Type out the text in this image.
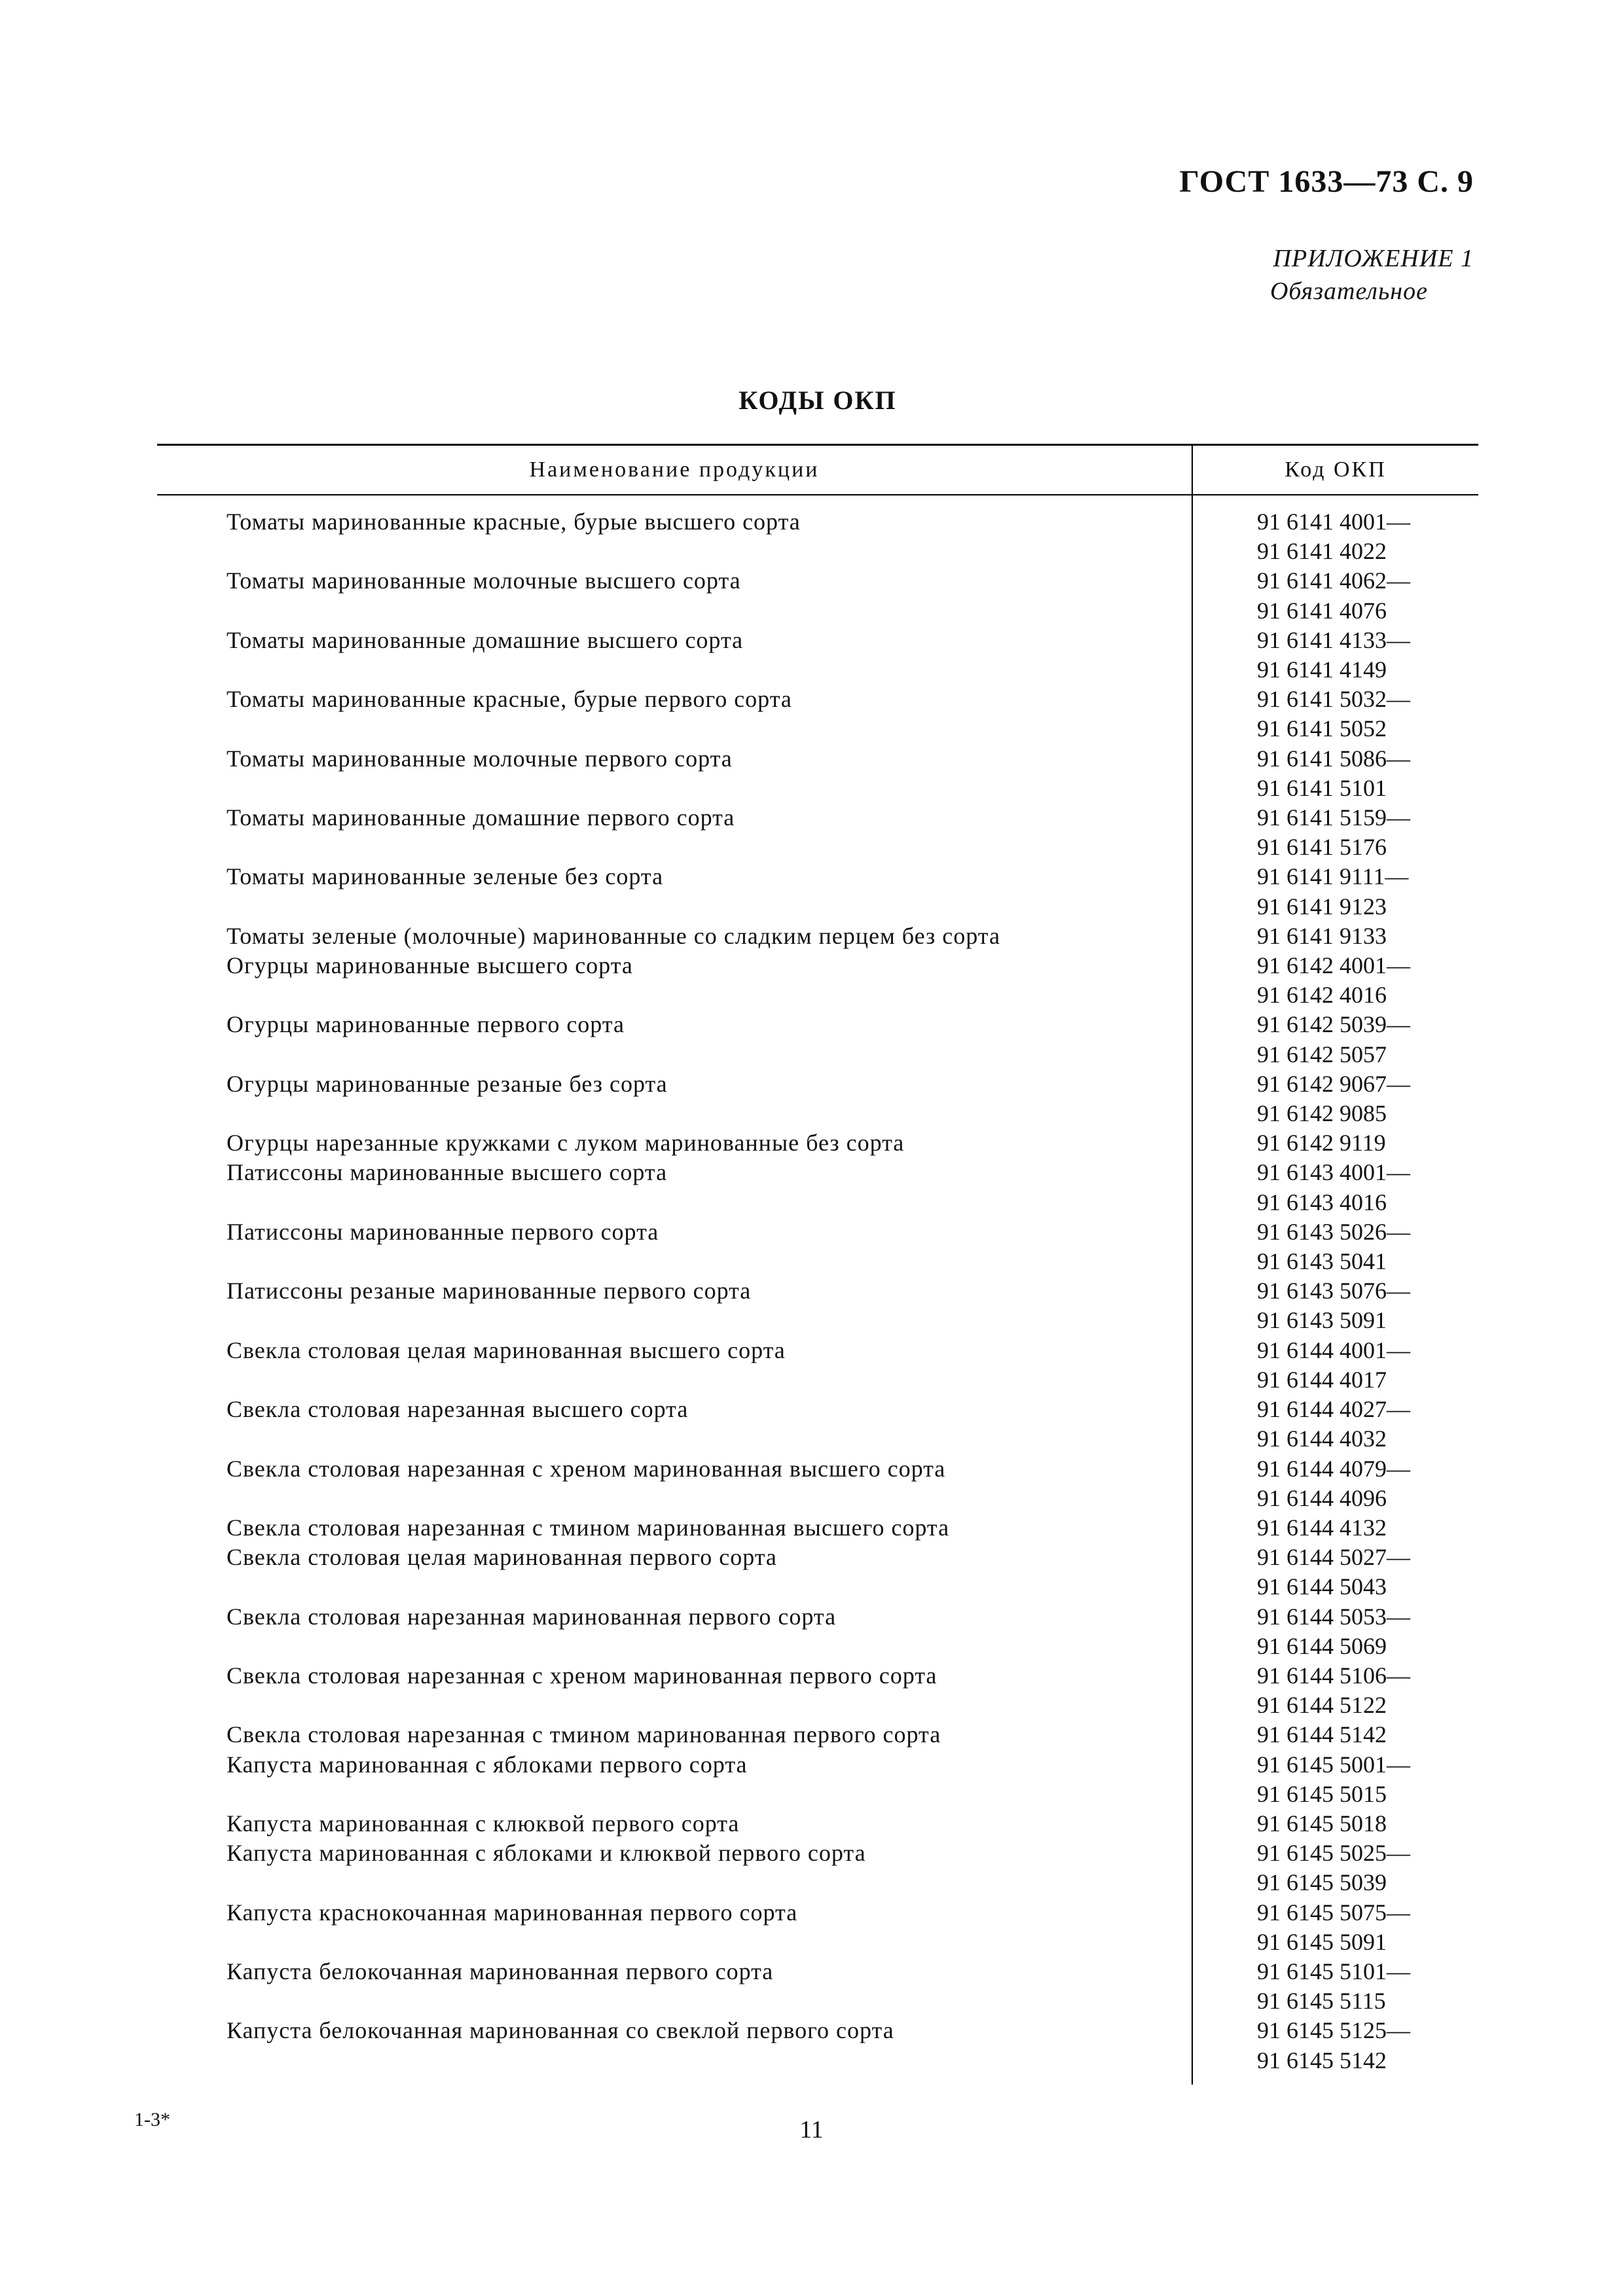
ГОСТ 1633—73 С. 9
ПРИЛОЖЕНИЕ 1
Обязательное
КОДЫ ОКП
Наименование продукции	Код ОКП
Томаты маринованные красные, бурые высшего сорта	91 6141 4001—
91 6141 4022
Томаты маринованные молочные высшего сорта	91 6141 4062—
91 6141 4076
Томаты маринованные домашние высшего сорта	91 6141 4133—
91 6141 4149
Томаты маринованные красные, бурые первого сорта	91 6141 5032—
91 6141 5052
Томаты маринованные молочные первого сорта	91 6141 5086—
91 6141 5101
Томаты маринованные домашние первого сорта	91 6141 5159—
91 6141 5176
Томаты маринованные зеленые без сорта	91 6141 9111—
91 6141 9123
Томаты зеленые (молочные) маринованные со сладким перцем без сорта	91 6141 9133
Огурцы маринованные высшего сорта	91 6142 4001—
91 6142 4016
Огурцы маринованные первого сорта	91 6142 5039—
91 6142 5057
Огурцы маринованные резаные без сорта	91 6142 9067—
91 6142 9085
Огурцы нарезанные кружками с луком маринованные без сорта	91 6142 9119
Патиссоны маринованные высшего сорта	91 6143 4001—
91 6143 4016
Патиссоны маринованные первого сорта	91 6143 5026—
91 6143 5041
Патиссоны резаные маринованные первого сорта	91 6143 5076—
91 6143 5091
Свекла столовая целая маринованная высшего сорта	91 6144 4001—
91 6144 4017
Свекла столовая нарезанная высшего сорта	91 6144 4027—
91 6144 4032
Свекла столовая нарезанная с хреном маринованная высшего сорта	91 6144 4079—
91 6144 4096
Свекла столовая нарезанная с тмином маринованная высшего сорта	91 6144 4132
Свекла столовая целая маринованная первого сорта	91 6144 5027—
91 6144 5043
Свекла столовая нарезанная маринованная первого сорта	91 6144 5053—
91 6144 5069
Свекла столовая нарезанная с хреном маринованная первого сорта	91 6144 5106—
91 6144 5122
Свекла столовая нарезанная с тмином маринованная первого сорта	91 6144 5142
Капуста маринованная с яблоками первого сорта	91 6145 5001—
91 6145 5015
Капуста маринованная с клюквой первого сорта	91 6145 5018
Капуста маринованная с яблоками и клюквой первого сорта	91 6145 5025—
91 6145 5039
Капуста краснокочанная маринованная первого сорта	91 6145 5075—
91 6145 5091
Капуста белокочанная маринованная первого сорта	91 6145 5101—
91 6145 5115
Капуста белокочанная маринованная со свеклой первого сорта	91 6145 5125—
91 6145 5142
1-3*	11
